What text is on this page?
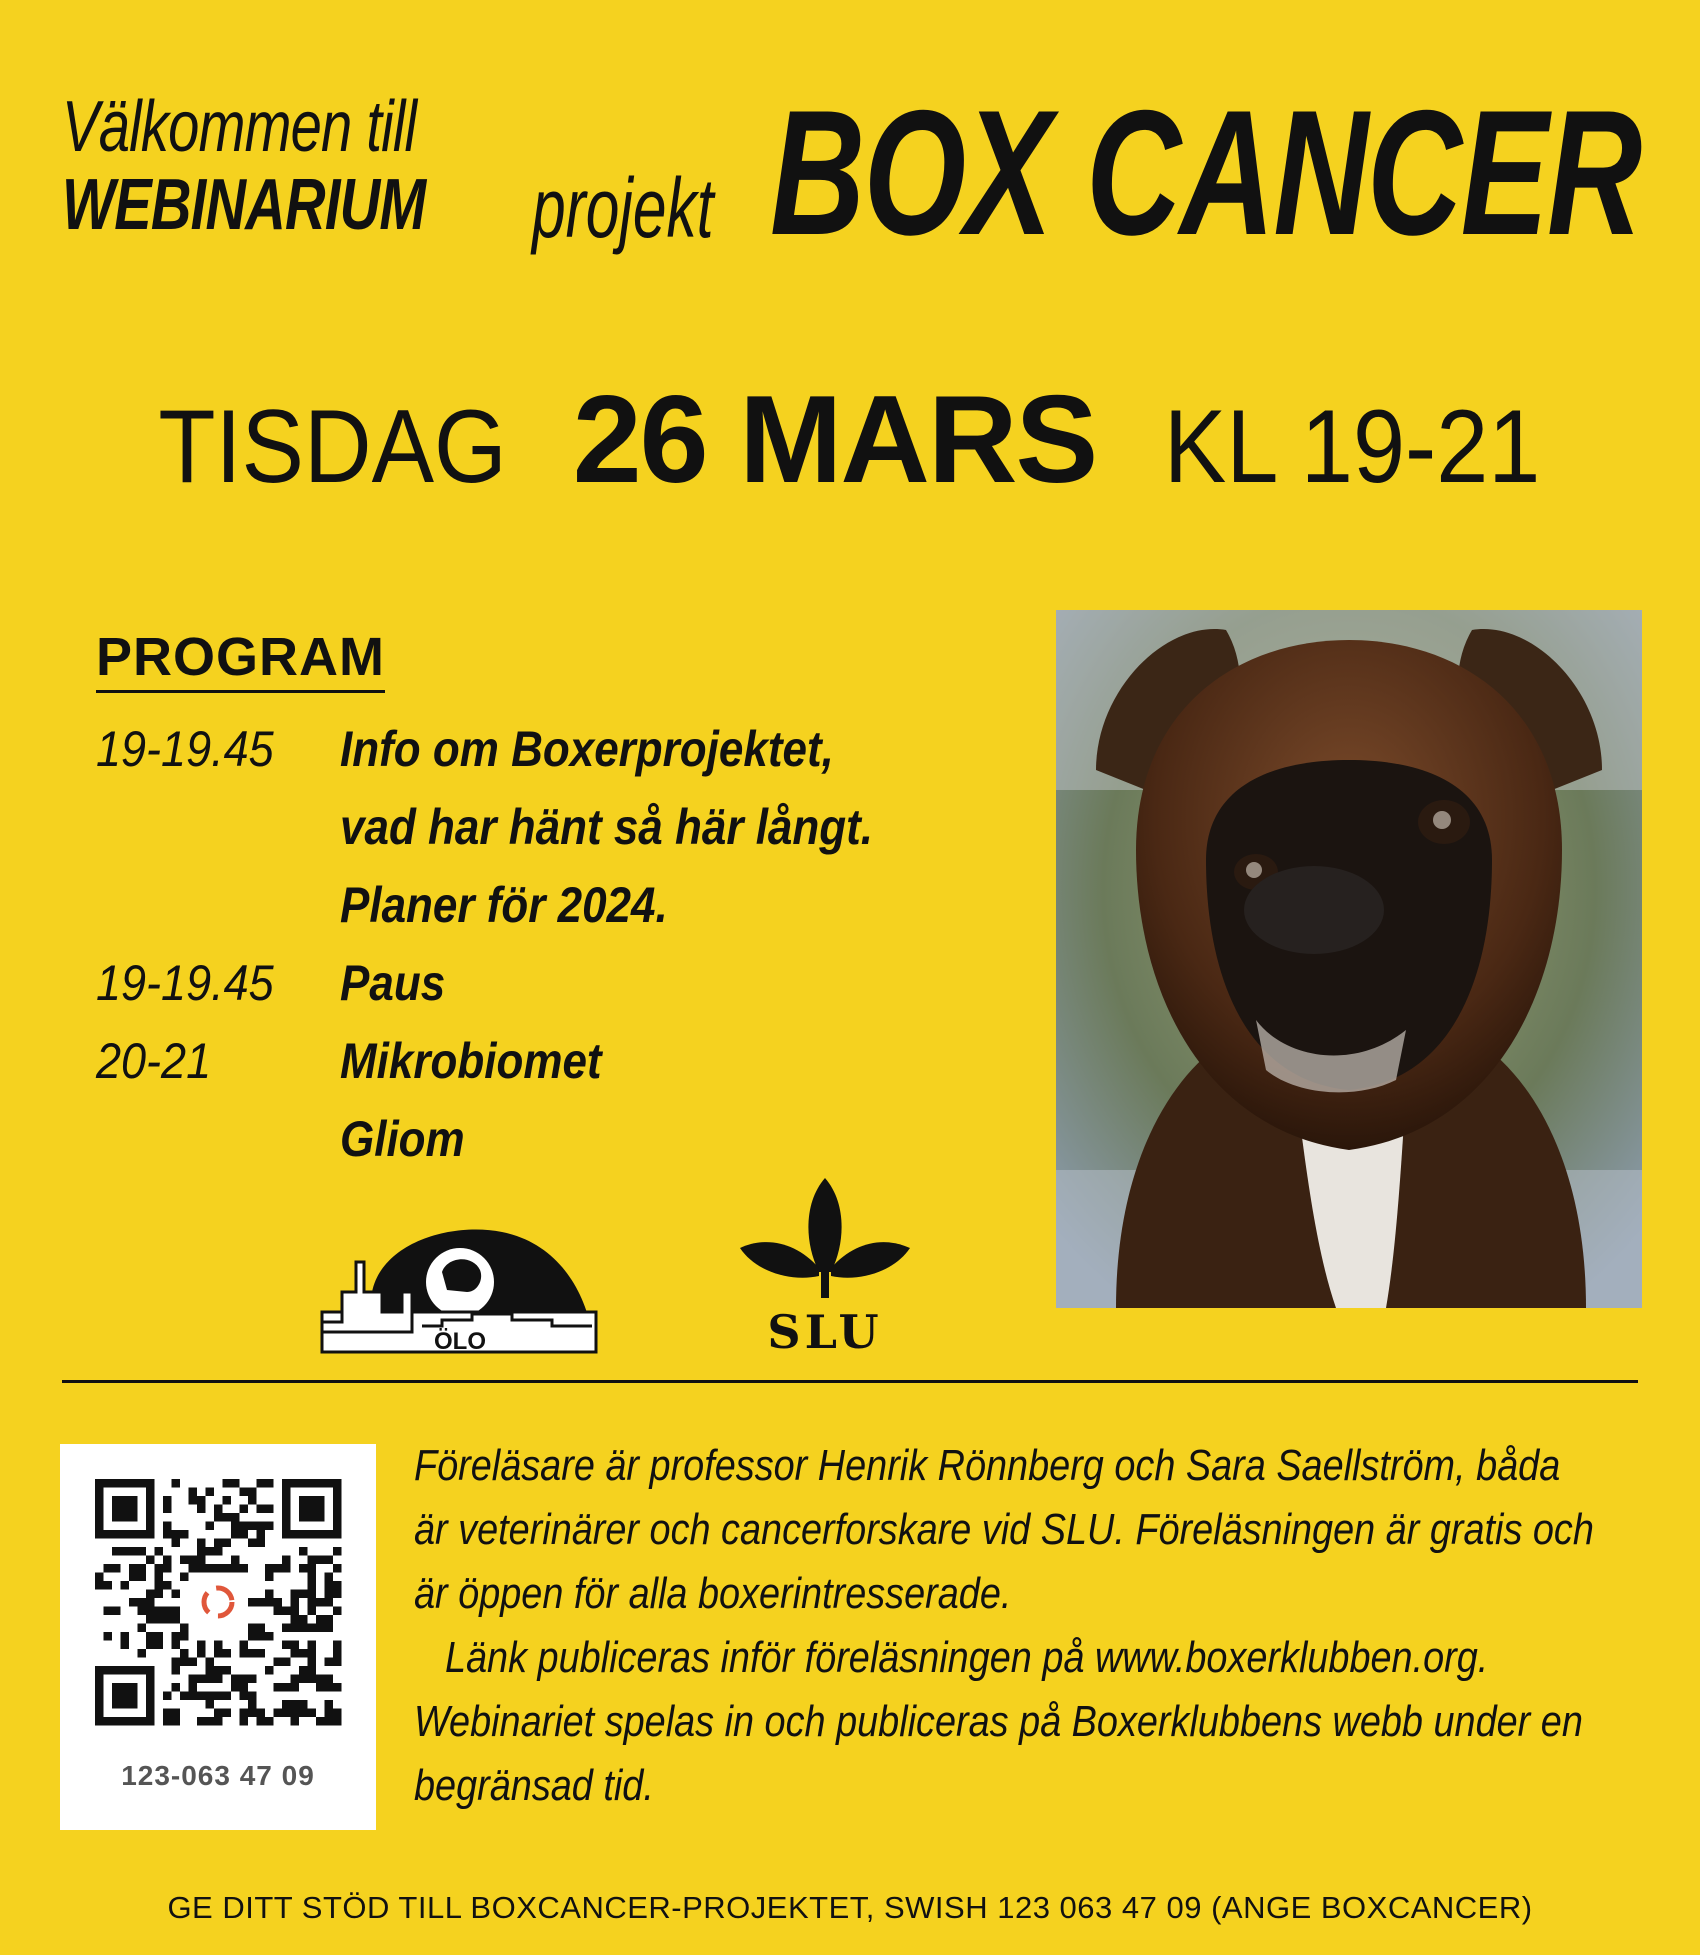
Välkommen till
WEBINARIUM projekt BOX CANCER
TISDAG 26 MARS KL 19-21
PROGRAM
19-19.45	Info om Boxerprojektet,
vad har hänt så här långt.
Planer för 2024.
19-19.45	Paus
20-21	Mikrobiomet
Gliom
ÖLO	SLU
123-063 47 09

Föreläsare är professor Henrik Rönnberg och Sara Saellström, båda

är veterinärer och cancerforskare vid SLU. Föreläsningen är gratis och

är öppen för alla boxerintresserade.

Länk publiceras inför föreläsningen på www.boxerklubben.org.

Webinariet spelas in och publiceras på Boxerklubbens webb under en

begränsad tid.

GE DITT STÖD TILL BOXCANCER-PROJEKTET, SWISH 123 063 47 09 (ANGE BOXCANCER)
